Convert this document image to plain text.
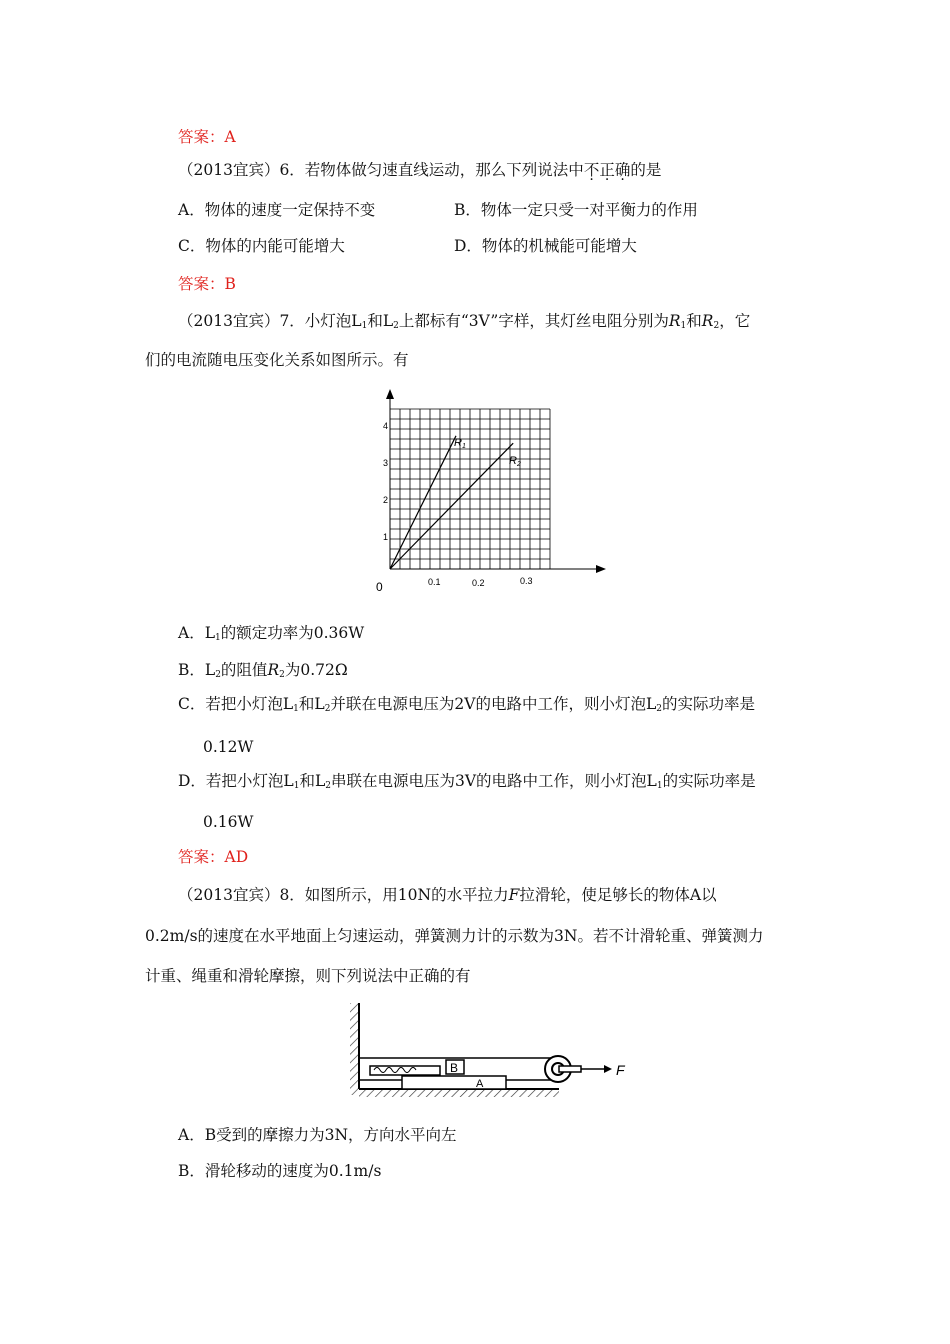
答案：A
（2013宜宾）6．若物体做匀速直线运动，那么下列说法中不正确的是
A．物体的速度一定保持不变	B．物体一定只受一对平衡力的作用
C．物体的内能可能增大	D．物体的机械能可能增大
答案：B
（2013宜宾）7．小灯泡$L_1$和$L_2$上都标有“3V”字样，其灯丝电阻分别为$R_1$和$R_2$，它
们的电流随电压变化关系如图所示。有
0	0.1	0.2	0.3
1
2
3
4
R1
R2
A．$L_1$的额定功率为0.36W
B．$L_2$的阻值$R_2$为0.72Ω
C．若把小灯泡$L_1$和$L_2$并联在电源电压为2V的电路中工作，则小灯泡$L_2$的实际功率是
0.12W
D．若把小灯泡$L_1$和$L_2$串联在电源电压为3V的电路中工作，则小灯泡$L_1$的实际功率是
0.16W
答案：AD
（2013宜宾）8．如图所示，用10N的水平拉力F拉滑轮，使足够长的物体A以
0.2m/s的速度在水平地面上匀速运动，弹簧测力计的示数为3N。若不计滑轮重、弹簧测力
计重、绳重和滑轮摩擦，则下列说法中正确的有
B
A
F
A．B受到的摩擦力为3N，方向水平向左
B．滑轮移动的速度为0.1m/s
